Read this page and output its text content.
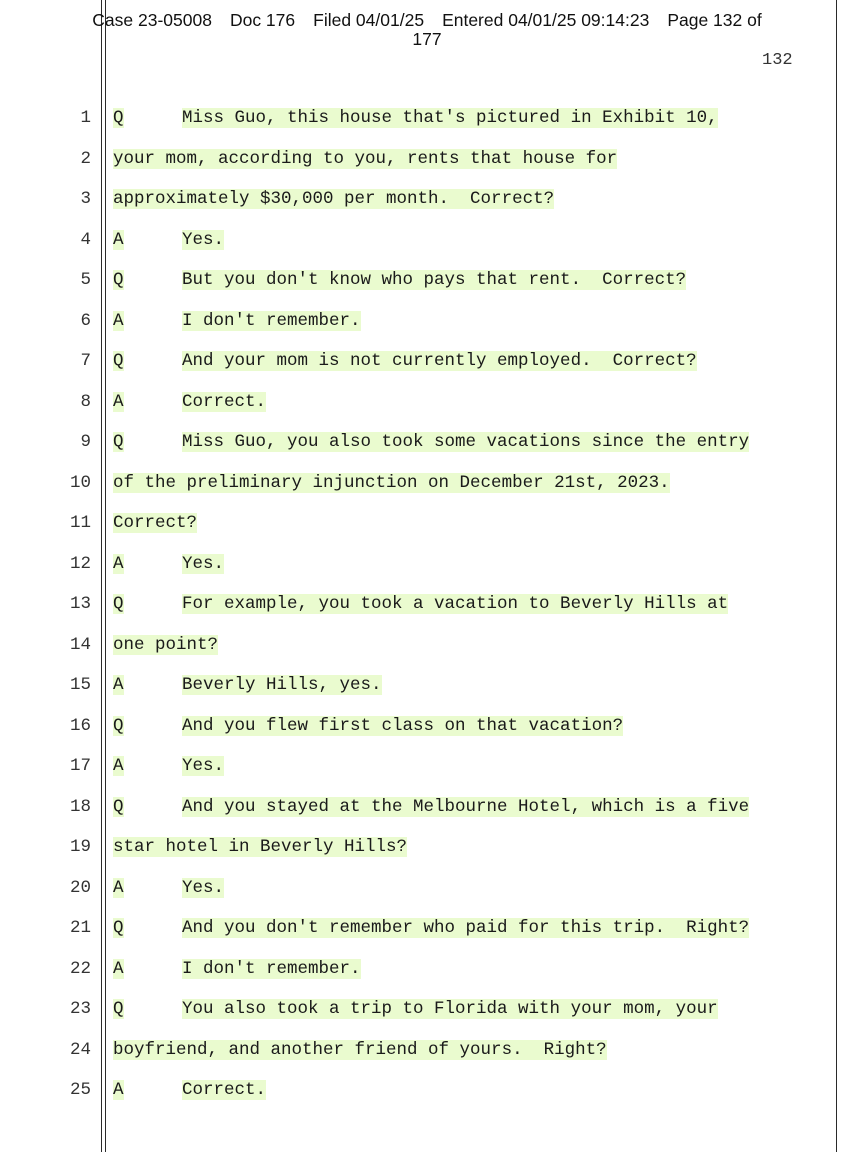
Case 23-05008 Doc 176 Filed 04/01/25 Entered 04/01/25 09:14:23 Page 132 of
177
132
1 Q	Miss Guo, this house that's pictured in Exhibit 10,
2 your mom, according to you, rents that house for
3 approximately $30,000 per month.  Correct?
4 A	Yes.
5 Q	But you don't know who pays that rent.  Correct?
6 A	I don't remember.
7 Q	And your mom is not currently employed.  Correct?
8 A	Correct.
9 Q	Miss Guo, you also took some vacations since the entry
10 of the preliminary injunction on December 21st, 2023.
11 Correct?
12 A	Yes.
13 Q	For example, you took a vacation to Beverly Hills at
14 one point?
15 A	Beverly Hills, yes.
16 Q	And you flew first class on that vacation?
17 A	Yes.
18 Q	And you stayed at the Melbourne Hotel, which is a five
19 star hotel in Beverly Hills?
20 A	Yes.
21 Q	And you don't remember who paid for this trip.  Right?
22 A	I don't remember.
23 Q	You also took a trip to Florida with your mom, your
24 boyfriend, and another friend of yours.  Right?
25 A	Correct.
